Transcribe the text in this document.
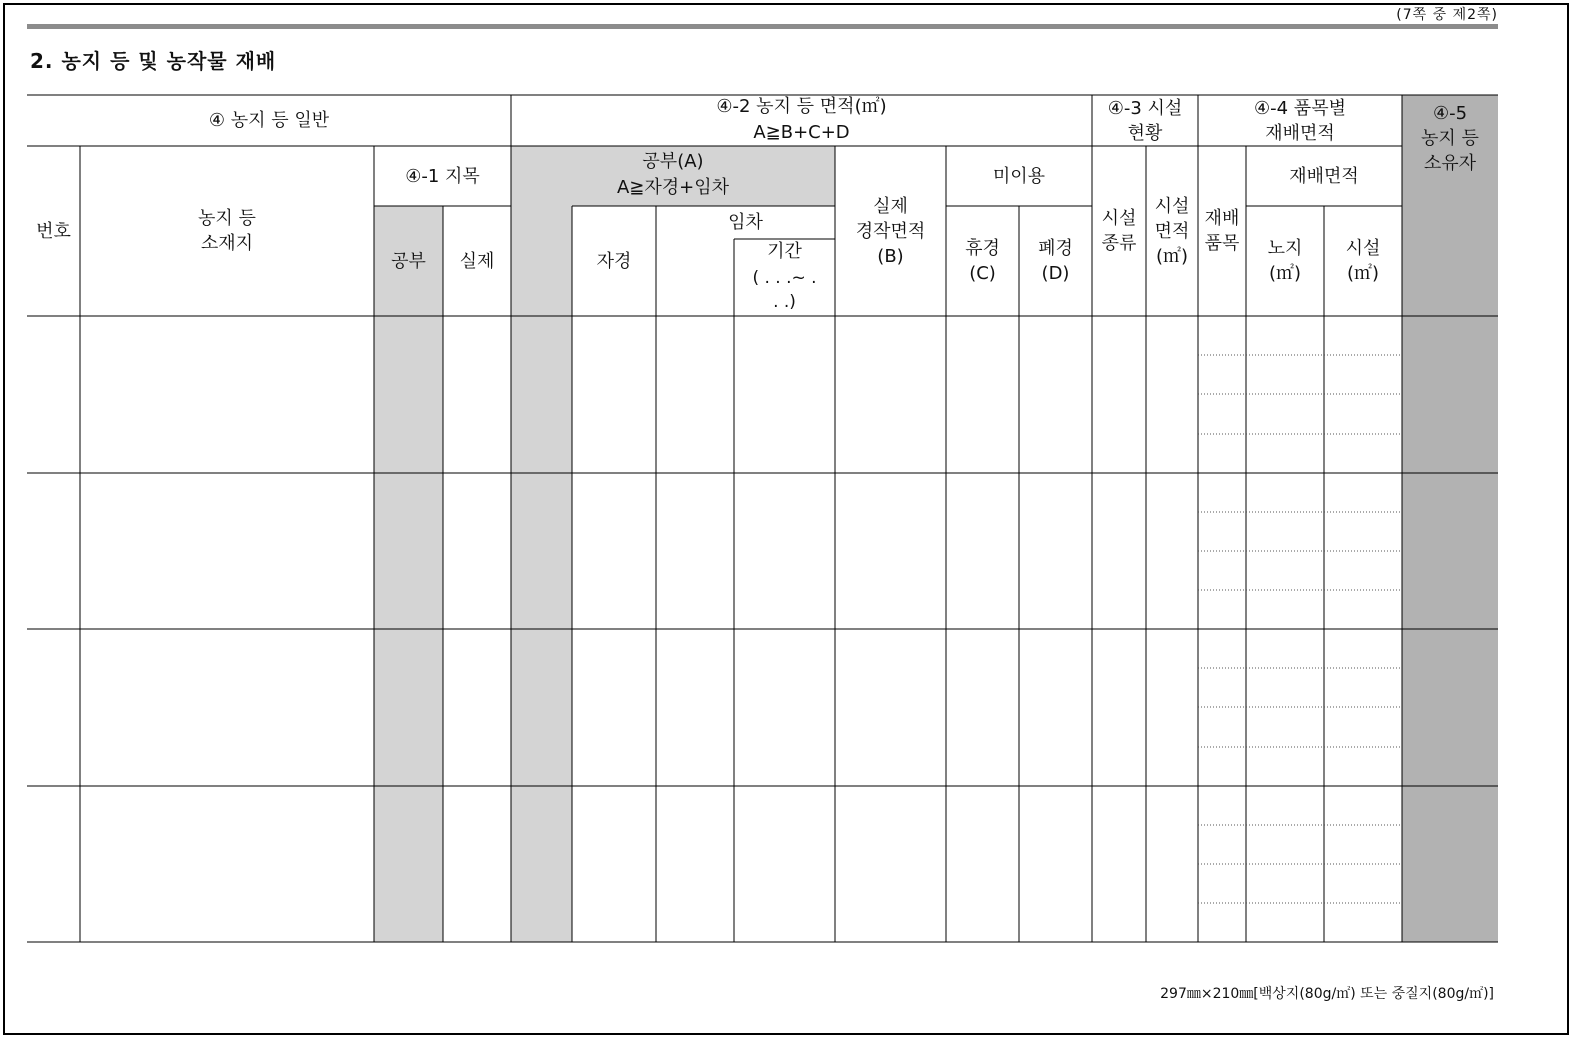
(7쪽 중 제2쪽)
2. 농지 등 및 농작물 재배
④ 농지 등 일반
④-2 농지 등 면적(㎡)
A≧B+C+D
④-3 시설
현황
④-4 품목별
재배면적
④-5
농지 등
소유자
번호
농지 등
소재지
④-1 지목
공부	실제
공부(A)
A≧자경+임차
자경
임차
기간
( . . .~ .
. .)
실제
경작면적
(B)
미이용
휴경
(C)
폐경
(D)
시설
종류
시설
면적
(㎡)
재배
품목
재배면적
노지
(㎡)
시설
(㎡)
297㎜×210㎜[백상지(80g/㎡) 또는 중질지(80g/㎡)]
